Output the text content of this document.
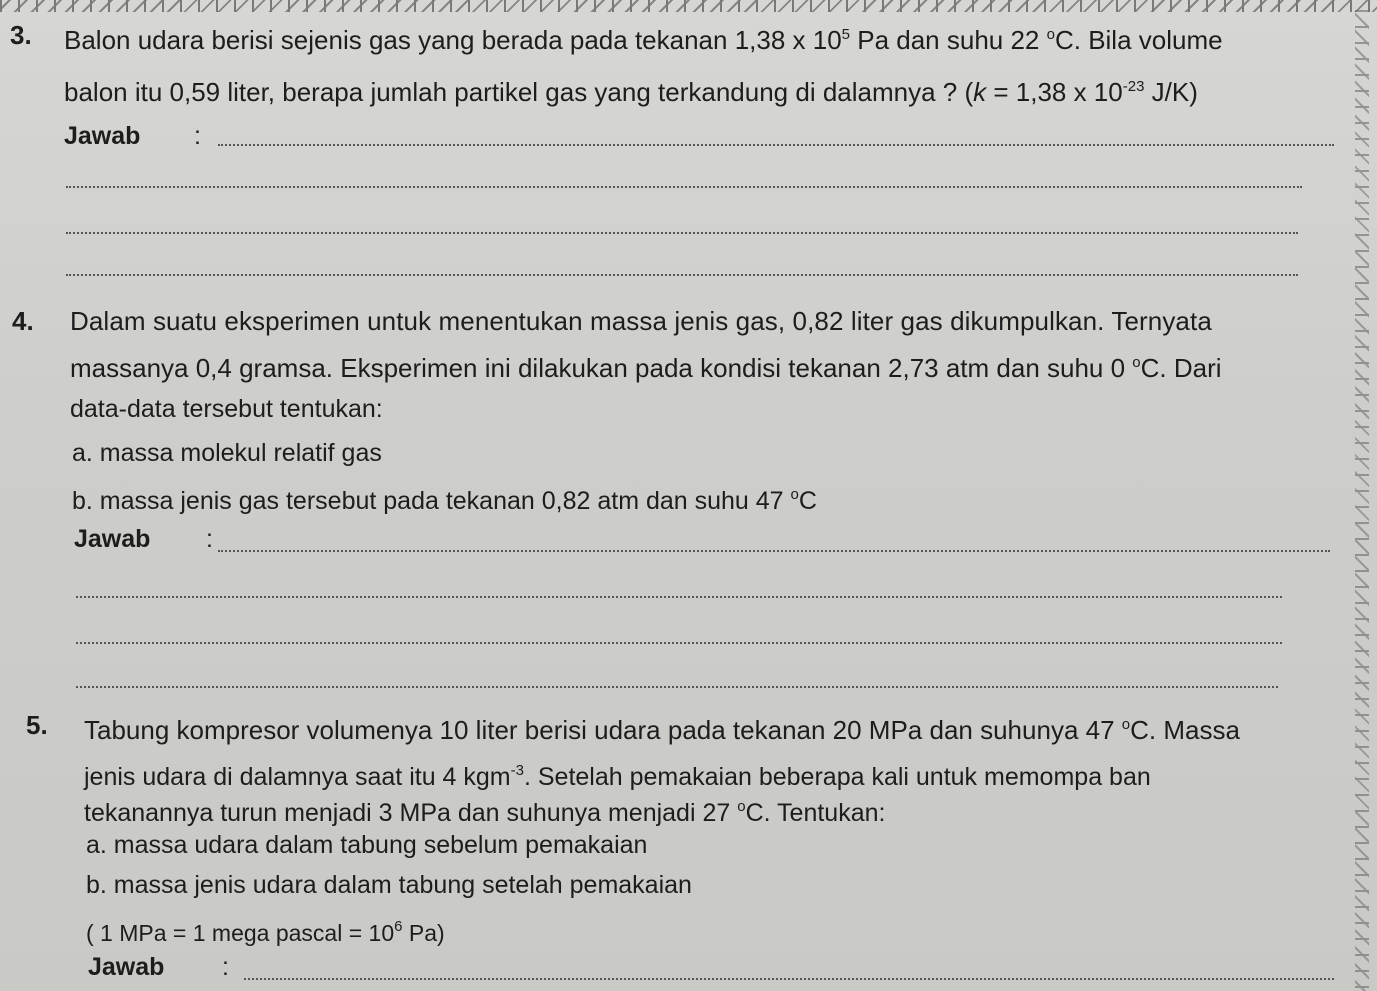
3. Balon udara berisi sejenis gas yang berada pada tekanan 1,38 x $10^5$ Pa dan suhu 22 $^o$C. Bila volume
balon itu 0,59 liter, berapa jumlah partikel gas yang terkandung di dalamnya ? (k = 1,38 x $10^{-23}$ J/K)
Jawab :
4. Dalam suatu eksperimen untuk menentukan massa jenis gas, 0,82 liter gas dikumpulkan. Ternyata
massanya 0,4 gramsa. Eksperimen ini dilakukan pada kondisi tekanan 2,73 atm dan suhu 0 $^o$C. Dari
data-data tersebut tentukan:
a. massa molekul relatif gas
b. massa jenis gas tersebut pada tekanan 0,82 atm dan suhu 47 $^o$C
Jawab :
5. Tabung kompresor volumenya 10 liter berisi udara pada tekanan 20 MPa dan suhunya 47 $^o$C. Massa
jenis udara di dalamnya saat itu 4 kgm$^{-3}$. Setelah pemakaian beberapa kali untuk memompa ban
tekanannya turun menjadi 3 MPa dan suhunya menjadi 27 $^o$C. Tentukan:
a. massa udara dalam tabung sebelum pemakaian
b. massa jenis udara dalam tabung setelah pemakaian
( 1 MPa = 1 mega pascal = $10^6$ Pa)
Jawab :
